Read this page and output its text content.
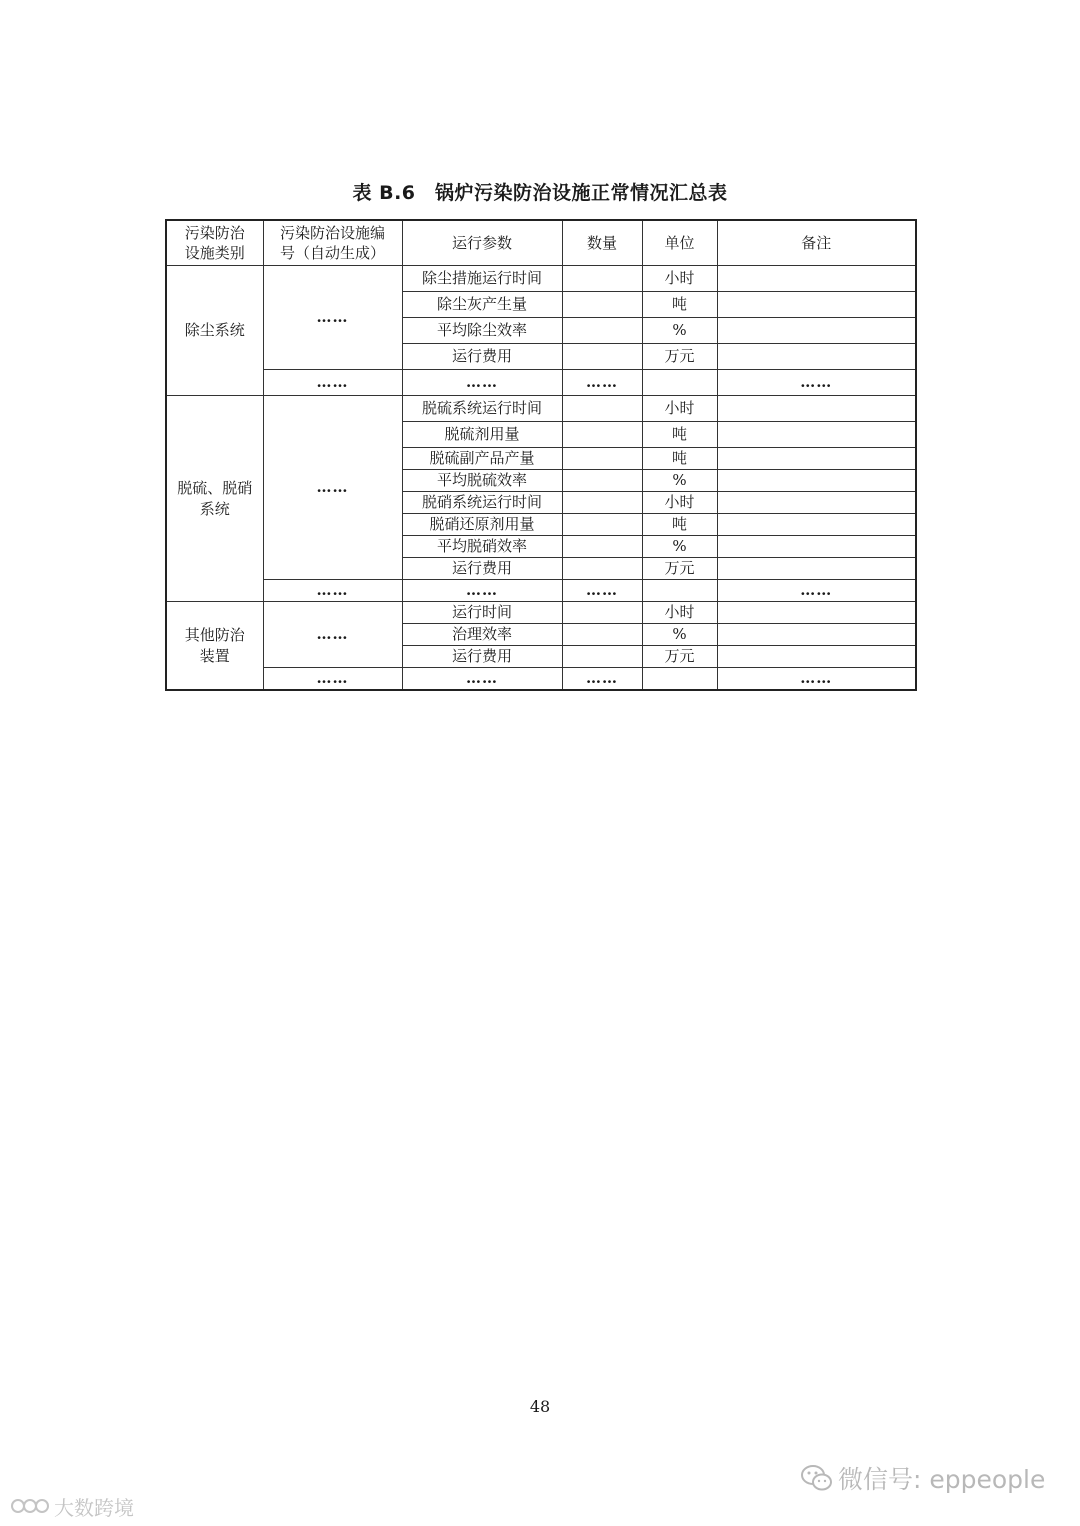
表 B.6　锅炉污染防治设施正常情况汇总表
污染防治设施类别	污染防治设施编号（自动生成）	运行参数	数量	单位	备注
除尘系统	……	除尘措施运行时间		小时	
		除尘灰产生量		吨	
		平均除尘效率		%	
		运行费用		万元	
	……	……	……		……
脱硫、脱硝系统	……	脱硫系统运行时间		小时	
		脱硫剂用量		吨	
		脱硫副产品产量		吨	
		平均脱硫效率		%	
		脱硝系统运行时间		小时	
		脱硝还原剂用量		吨	
		平均脱硝效率		%	
		运行费用		万元	
	……	……	……		……
其他防治装置	……	运行时间		小时	
		治理效率		%	
		运行费用		万元	
	……	……	……		……
48
微信号: eppeople
大数跨境
